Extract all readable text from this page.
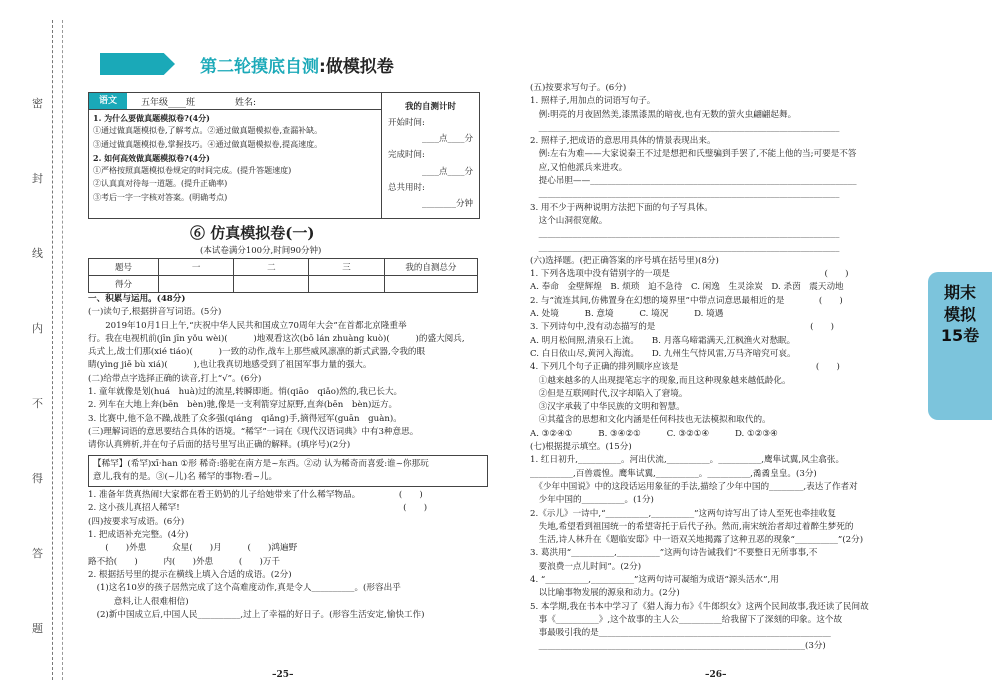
密
封
线
内
不
得
答
题
第二轮摸底自测:做模拟卷
语文	五年级____班	姓名:
1. 为什么要做真题模拟卷?(4分)
①通过做真题模拟卷,了解考点。②通过做真题模拟卷,查漏补缺。
③通过做真题模拟卷,掌握技巧。④通过做真题模拟卷,提高速度。
2. 如何高效做真题模拟卷?(4分)
①严格按照真题模拟卷规定的时间完成。(提升答题速度)
②认真真对待每一道题。(提升正确率)
③考后一字一字核对答案。(明确考点)
我的自测计时
开始时间:
____点____分
完成时间:
____点____分
总共用时:
________分钟
⑥ 仿真模拟卷(一)
(本试卷满分100分,时间90分钟)
题号	一	二	三	我的自测总分
得分				
一、积累与运用。(48分)
(一)读句子,根据拼音写词语。(5分)
　　2019年10月1日上午,“庆祝中华人民共和国成立70周年大会”在首都北京隆重举
行。我在电视机前(jīn jīn yǒu wèi)(　　　)地观看这次(bō lán zhuàng kuò)(　　　)的盛大阅兵,
兵式上,战士们那(xié tiáo)(　　　)一致的动作,战车上那些威风凛凛的新式武器,令我的眼
睛(yìng jiē bù xiá)(　　　),也让我真切地感受到了祖国军事力量的强大。
(二)给带点字选择正确的读音,打上“√”。(6分)
1. 童年就像是划(huá　huà)过的流星,转瞬即逝。悄(qiāo　qiǎo)然的,我已长大。
2. 列车在大地上奔(bēn　bèn)驰,像是一支利箭穿过原野,直奔(bēn　bèn)远方。
3. 比赛中,他不急不躁,战胜了众多强(qiáng　qiǎng)手,摘得冠军(guān　guàn)。
(三)理解词语的意思要结合具体的语境。“稀罕”一词在《现代汉语词典》中有3种意思。
请你认真辨析,并在句子后面的括号里写出正确的解释。(填序号)(2分)
【稀罕】(希罕)xī·han ①形 稀奇:骆驼在南方是~东西。②动 认为稀奇而喜爱:谁~你那玩
意儿,我有的是。③(~儿)名 稀罕的事物:看~儿。
1. 准备年货真热闹!大家都在看王奶奶的儿子给她带来了什么稀罕物品。　　　　　(　　)
2. 这小孩儿真招人稀罕!　　　　　　　　　　　　　　　　　　　　　　　　　　(　　)
(四)按要求写成语。(6分)
1. 把成语补充完整。(4分)
　　(　　)外患　　　众星(　　)月　　　(　　)鸿遍野
路不拾(　　)　　　内(　　)外患　　　(　　)万千
2. 根据括号里的提示在横线上填入合适的成语。(2分)
　(1)这名10岁的孩子居然完成了这个高难度动作,真是令人__________。(形容出乎
　　　意料,让人很难相信)
　(2)新中国成立后,中国人民__________,过上了幸福的好日子。(形容生活安定,愉快工作)
(五)按要求写句子。(6分)
1. 照样子,用加点的词语写句子。
　例:明亮的月夜固然美,漆黑漆黑的暗夜,也有无数的萤火虫翩翩起舞。
　______________________________________________________________________
2. 照样子,把成语的意思用具体的情景表现出来。
　例:左右为难——大家说秦王不过是想把和氏璧骗到手罢了,不能上他的当;可要是不答
　应,又怕他派兵来进攻。
　提心吊胆——______________________________________________________________
　______________________________________________________________________
3. 用不少于两种说明方法把下面的句子写具体。
　这个山洞很宽敞。
　______________________________________________________________________
　______________________________________________________________________
(六)选择题。(把正确答案的序号填在括号里)(8分)
1. 下列各选项中没有错别字的一项是　　　　　　　　　　　　　　　　　　(　　)
A. 奉命　金壁辉煌　B. 烦琐　迫不急待　C. 闲逸　生灵涂炭　D. 杀茵　震天动地
2. 与“流连其间,仿佛置身在幻想的境界里”中带点词意思最相近的是　　　　(　　)
A. 处境　　　B. 意境　　　C. 境况　　　D. 境遇
3. 下列诗句中,没有动态描写的是　　　　　　　　　　　　　　　　　　(　　)
A. 明月松间照,清泉石上流。　　B. 月落乌啼霜满天,江枫渔火对愁眠。
C. 白日依山尽,黄河入海流。　　D. 九州生气恃风雷,万马齐喑究可哀。
4. 下列几个句子正确的排列顺序应该是　　　　　　　　　　　　　　　　(　　)
　①越来越多的人出现提笔忘字的现象,而且这种现象越来越低龄化。
　②但是互联网时代,汉字却陷入了窘境。
　③汉字承载了中华民族的文明和智慧。
　④其蕴含的思想和文化内涵是任何科技也无法模拟和取代的。
A. ③②④①　　　B. ③④②①　　　C. ③②①④　　　D. ①②③④
(七)根据提示填空。(15分)
1. 红日初升,__________。河出伏流,__________。__________,鹰隼试翼,风尘翕张。
__________,百兽震惶。鹰隼试翼,__________。__________,矞矞皇皇。(3分)
　《少年中国说》中的这段话运用象征的手法,描绘了少年中国的________,表达了作者对
　少年中国的__________。(1分)
2.《示儿》一诗中,“__________,__________”这两句诗写出了诗人至死也牵挂收复
　失地,希望看到祖国统一的希望寄托于后代子孙。然而,南宋统治者却过着醉生梦死的
　生活,诗人林升在《题临安邸》中一语双关地揭露了这种丑恶的现象“__________”(2分)
3. 葛洪用“__________,__________”这两句诗告诫我们“不要整日无所事事,不
　要浪费一点儿时间”。(2分)
4. “__________,__________”这两句诗可凝缩为成语“源头活水”,用
　以比喻事物发展的源泉和动力。(2分)
5. 本学期,我在书本中学习了《猎人海力布》《牛郎织女》这两个民间故事,我还读了民间故
　事《__________》,这个故事的主人公__________给我留下了深刻的印象。这个故
　事最吸引我的是______________________________________________________
　______________________________________________________________(3分)
期末模拟15卷
–25–	–26–
